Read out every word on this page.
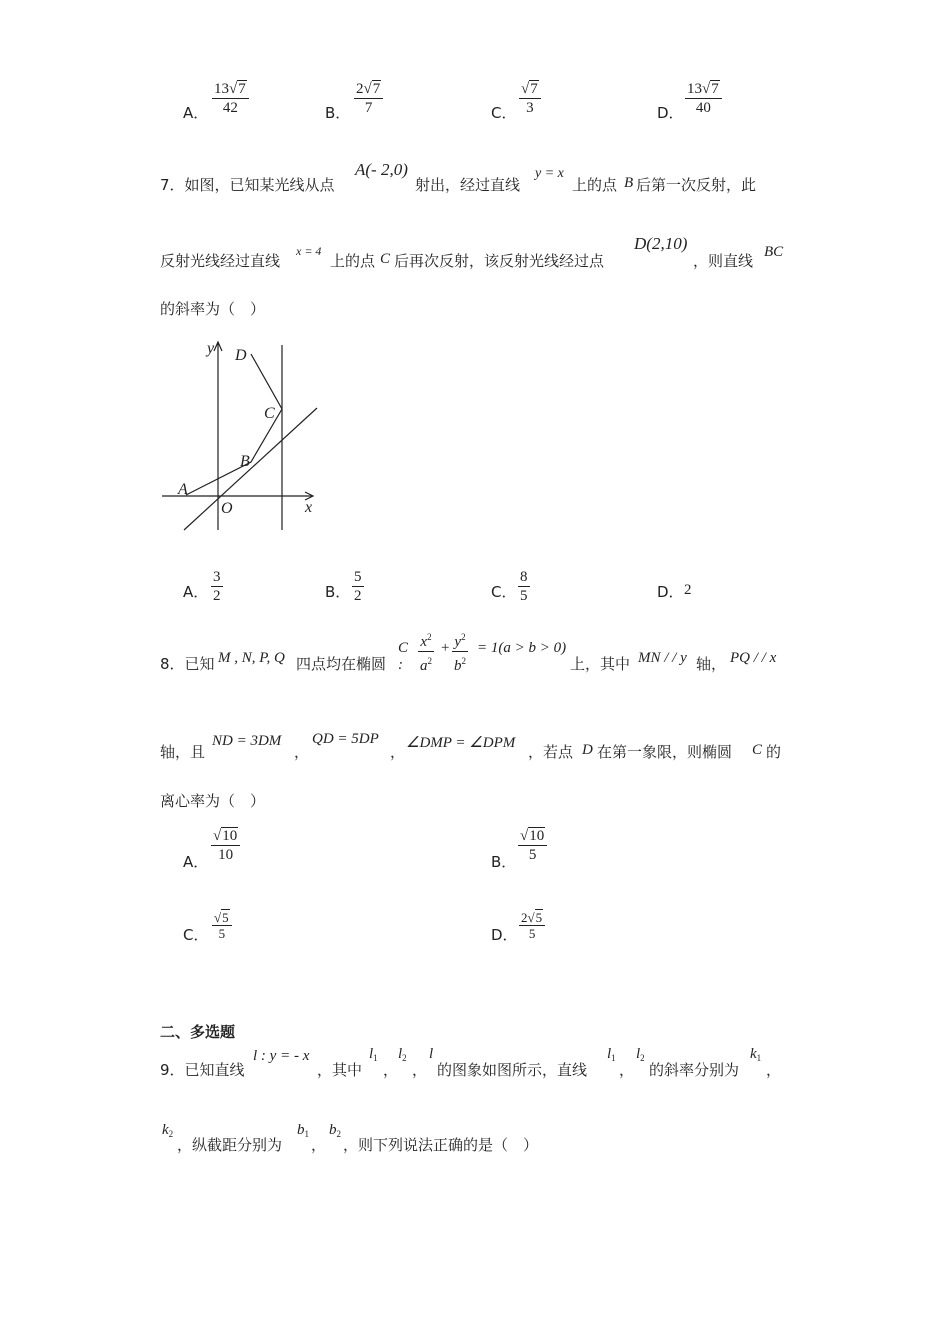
A． $\frac{13√7}{42}$	B． $\frac{2√7}{7}$	C． $\frac{√7}{3}$	D． $\frac{13√7}{40}$
7．如图，已知某光线从点
A(- 2,0)
射出，经过直线
y = x
上的点 B 后第一次反射，此
反射光线经过直线
x = 4
上的点 C 后再次反射，该反射光线经过点
D(2,10)
，则直线 BC
的斜率为（　）
y D
C
B
A
O	x
A． $\frac{3}{2}$	B． $\frac{5}{2}$	C． $\frac{8}{5}$	D． 2
8．已知 M , N, P, Q 四点均在椭圆
C :	$\frac{x^2}{a^2} + \frac{y^2}{b^2} = 1(a > b > 0)$
上，其中 MN / / y 轴， PQ / / x
轴，且
ND = 3DM
，
QD = 5DP
， ∠DMP = ∠DPM ，若点 D 在第一象限，则椭圆 C 的
离心率为（　）
A． $\frac{√10}{10}$	B． $\frac{√10}{5}$
C． $\frac{√5}{5}$	D． $\frac{2√5}{5}$
二、多选题
9．已知直线
l : y = - x
，其中
$l_1$
，
$l_2$
，
l
的图象如图所示，直线
$l_1$
，
$l_2$
的斜率分别为
$k_1$
，
$k_2$
，纵截距分别为
$b_1$
，
$b_2$
，则下列说法正确的是（　）
